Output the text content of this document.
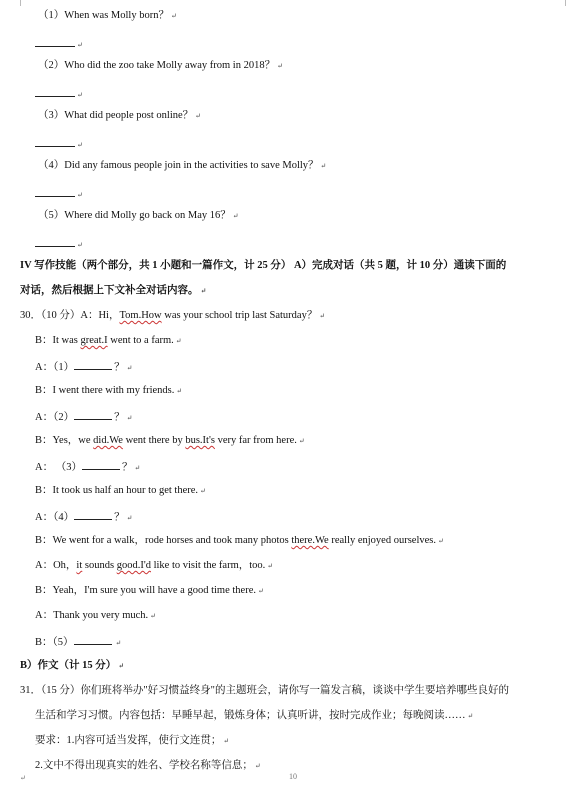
（1）When was Molly born？ ↵
↵
（2）Who did the zoo take Molly away from in 2018？ ↵
↵
（3）What did people post online？ ↵
↵
（4）Did any famous people join in the activities to save Molly？ ↵
↵
（5）Where did Molly go back on May 16？ ↵
↵
IV 写作技能（两个部分，共 1 小题和一篇作文，计 25 分） A）完成对话（共 5 题，计 10 分）通读下面的
对话，然后根据上下文补全对话内容。 ↵
30．（10 分）A：Hi，Tom.How was your school trip last Saturday？ ↵
B：It was great.I went to a farm. ↵
A：（1）	？ ↵
B：I went there with my friends. ↵
A：（2）	？ ↵
B：Yes，we did.We went there by bus.It's very far from here. ↵
A： （3）	？ ↵
B：It took us half an hour to get there. ↵
A：（4）	？ ↵
B：We went for a walk，rode horses and took many photos there.We really enjoyed ourselves. ↵
A：Oh，it sounds good.I'd like to visit the farm，too. ↵
B：Yeah，I'm sure you will have a good time there. ↵
A：Thank you very much. ↵
B：（5）	↵
B）作文（计 15 分） ↵
31．（15 分）你们班将举办"好习惯益终身"的主题班会，请你写一篇发言稿，谈谈中学生要培养哪些良好的
生活和学习习惯。内容包括：早睡早起，锻炼身体；认真听讲，按时完成作业；每晚阅读…… ↵
要求：1.内容可适当发挥，使行文连贯； ↵
2.文中不得出现真实的姓名、学校名称等信息； ↵
↵	10
